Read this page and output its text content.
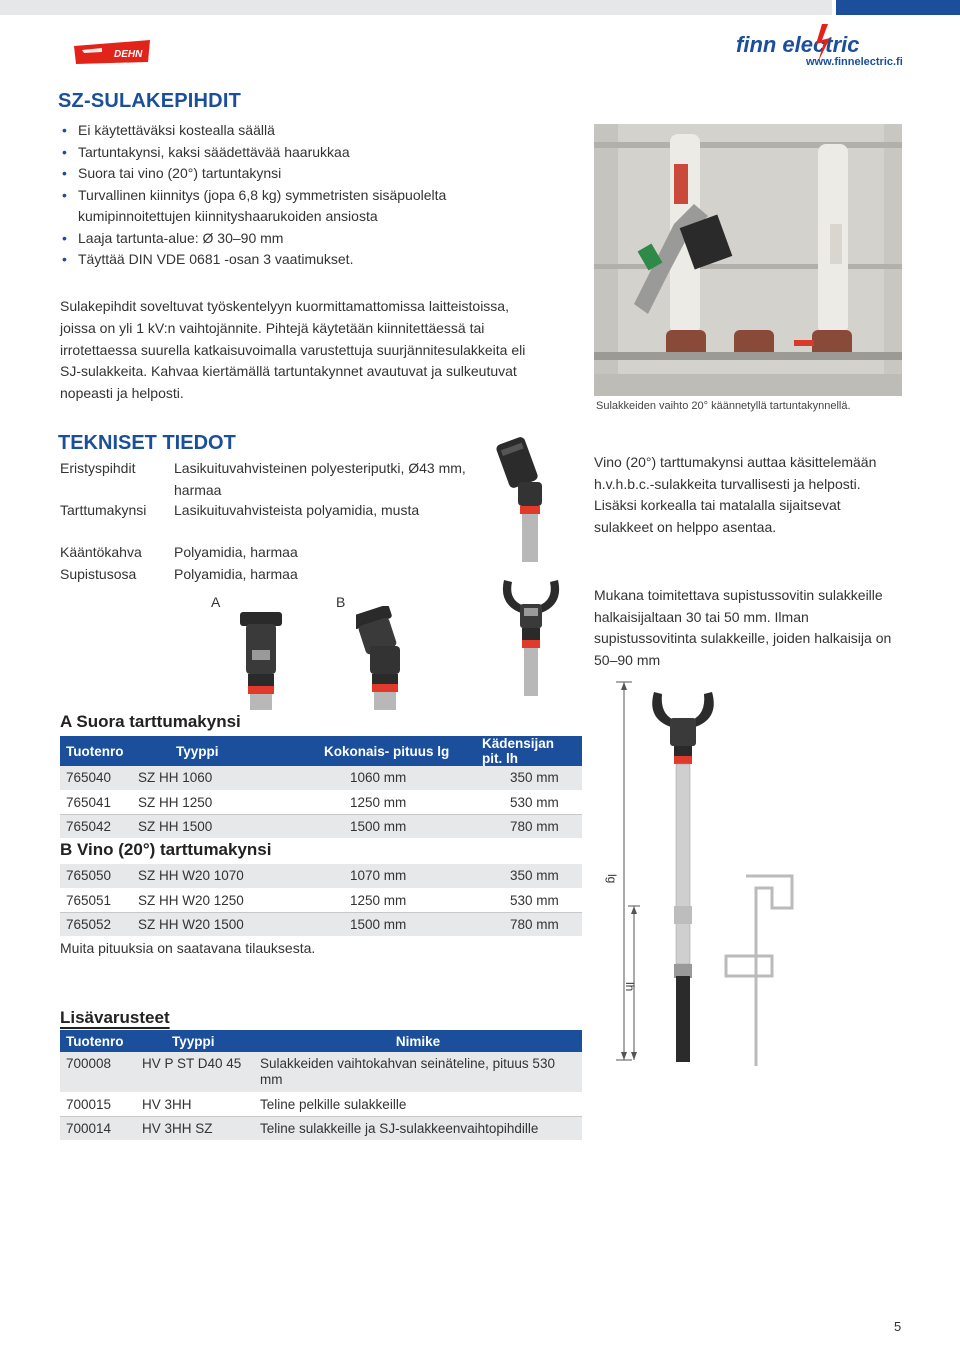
DEHN	finn electric
www.finnelectric.fi
SZ-SULAKEPIHDIT
• Ei käytettäväksi kostealla säällä
• Tartuntakynsi, kaksi säädettävää haarukkaa
• Suora tai vino (20°) tartuntakynsi
• Turvallinen kiinnitys (jopa 6,8 kg) symmetristen sisäpuolelta kumipinnoitettujen kiinnityshaarukoiden ansiosta
• Laaja tartunta-alue: Ø 30–90 mm
• Täyttää DIN VDE 0681 -osan 3 vaatimukset.
Sulakepihdit soveltuvat työskentelyyn kuormittamattomissa laitteistoissa, joissa on yli 1 kV:n vaihtojännite. Pihtejä käytetään kiinnitettäessä tai irrotettaessa suurella katkaisuvoimalla varustettuja suurjännitesulakkeita eli SJ-sulakkeita. Kahvaa kiertämällä tartuntakynnet avautuvat ja sulkeutuvat nopeasti ja helposti.
TEKNISET TIEDOT
Eristyspihdit	Lasikuituvahvisteinen polyesteriputki, Ø43 mm, harmaa
Tarttumakynsi Lasikuituvahvisteista polyamidia, musta
Kääntökahva Polyamidia, harmaa
Supistusosa	Polyamidia, harmaa
A	B
Sulakkeiden vaihto 20° käännetyllä tartuntakynnellä.
Vino (20°) tarttumakynsi auttaa käsittelemään h.v.h.b.c.-sulakkeita turvallisesti ja helposti. Lisäksi korkealla tai matalalla sijaitsevat sulakkeet on helppo asentaa.
Mukana toimitettava supistussovitin sulakkeille halkaisijaltaan 30 tai 50 mm. Ilman supistussovitinta sulakkeille, joiden halkaisija on 50–90 mm
lg
lh
A Suora tarttumakynsi
Tuotenro	Tyyppi	Kokonais- pituus lg	Kädensijan pit. lh
765040	SZ HH 1060	1060 mm	350 mm
765041	SZ HH 1250	1250 mm	530 mm
765042	SZ HH 1500	1500 mm	780 mm
B Vino (20°) tarttumakynsi
765050	SZ HH W20 1070	1070 mm	350 mm
765051	SZ HH W20 1250	1250 mm	530 mm
765052	SZ HH W20 1500	1500 mm	780 mm
Muita pituuksia on saatavana tilauksesta.
Lisävarusteet
Tuotenro	Tyyppi	Nimike
700008	HV P ST D40 45	Sulakkeiden vaihtokahvan seinäteline, pituus 530 mm
700015	HV 3HH	Teline pelkille sulakkeille
700014	HV 3HH SZ	Teline sulakkeille ja SJ-sulakkeenvaihtopihdille
5
